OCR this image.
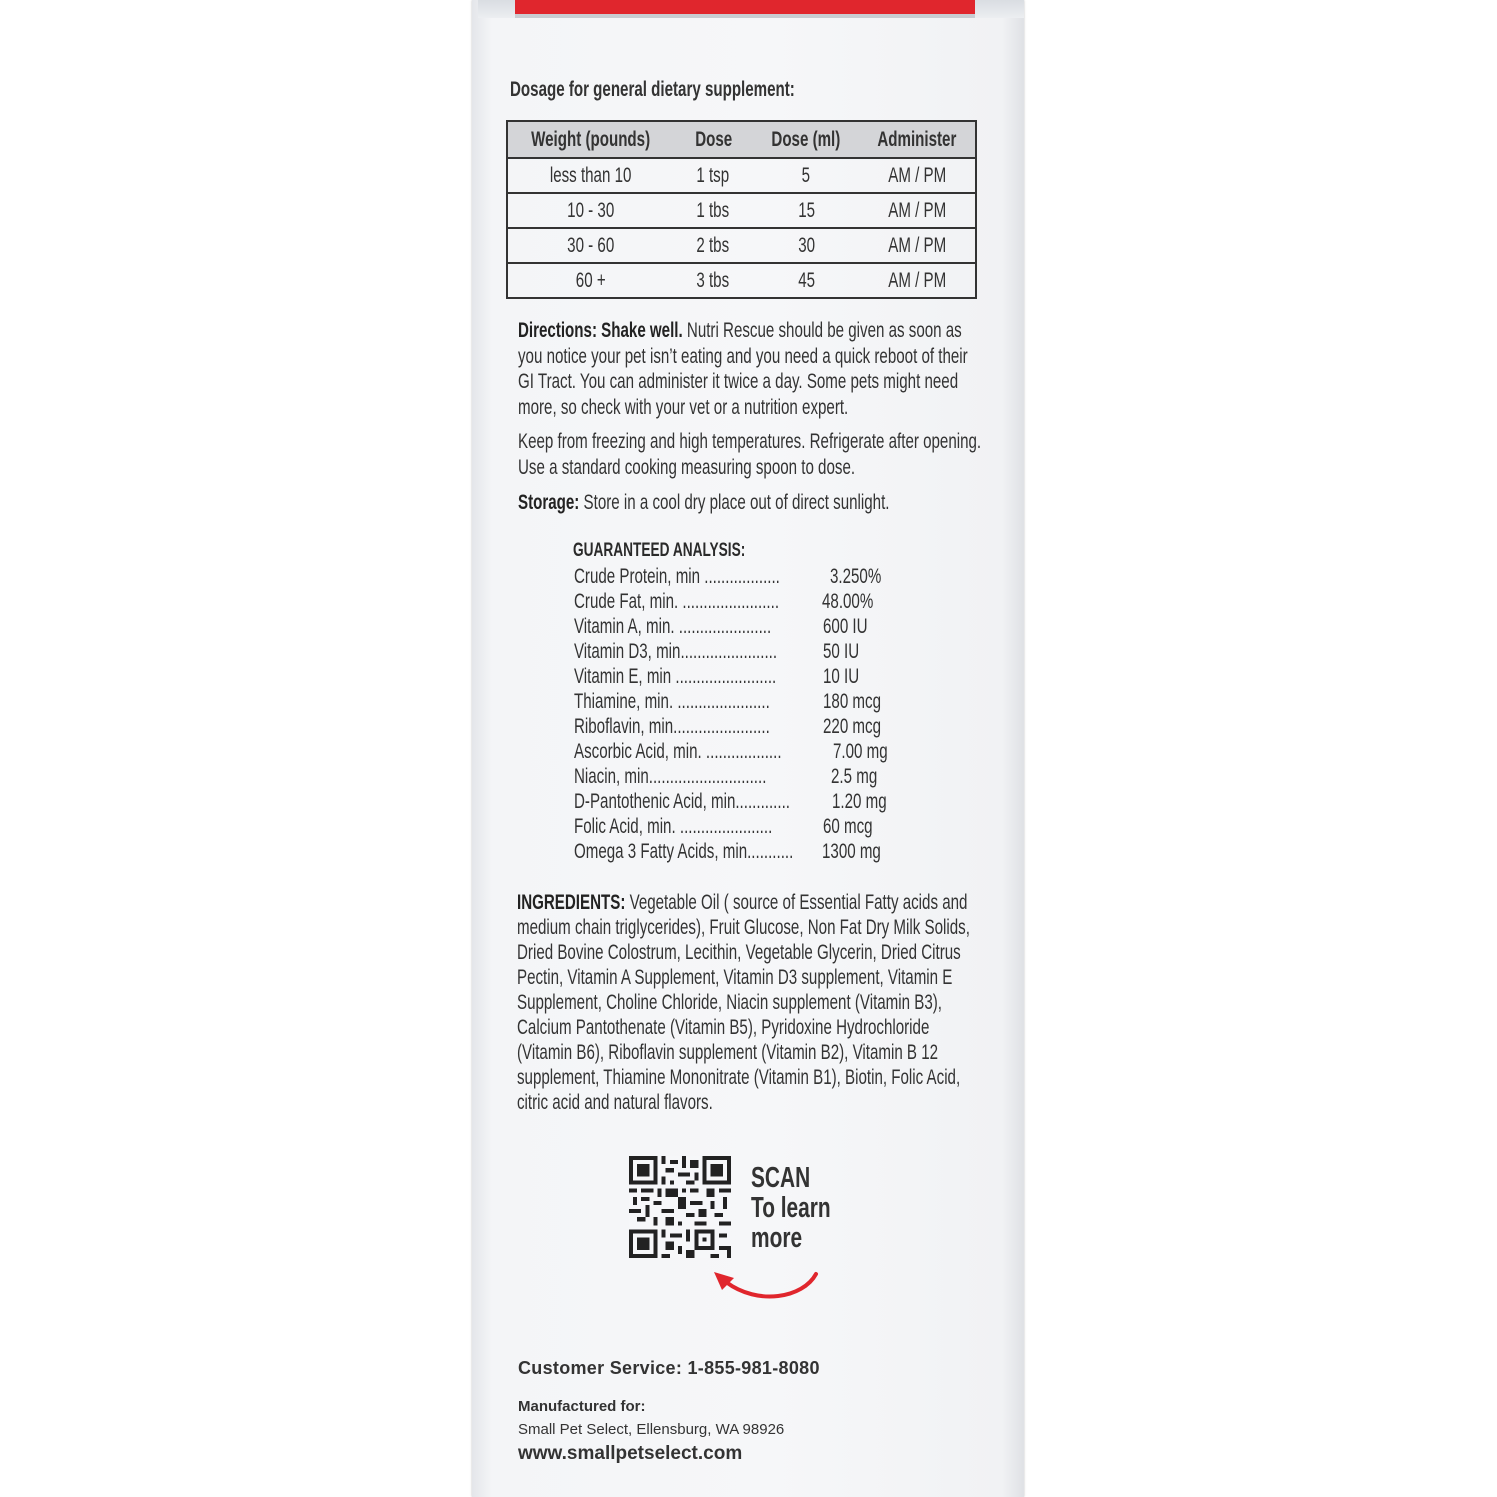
Dosage for general dietary supplement:
Weight (pounds)	Dose	Dose (ml)	Administer
less than 10	1 tsp	5	AM / PM
10 - 30	1 tbs	15	AM / PM
30 - 60	2 tbs	30	AM / PM
60 +	3 tbs	45	AM / PM
Directions: Shake well. Nutri Rescue should be given as soon as
you notice your pet isn’t eating and you need a quick reboot of their
GI Tract. You can administer it twice a day. Some pets might need
more, so check with your vet or a nutrition expert.
Keep from freezing and high temperatures. Refrigerate after opening.
Use a standard cooking measuring spoon to dose.
Storage: Store in a cool dry place out of direct sunlight.
GUARANTEED ANALYSIS:
Crude Protein, min .................. 3.250%
Crude Fat, min. ....................... 48.00%
Vitamin A, min. ...................... 600 IU
Vitamin D3, min....................... 50 IU
Vitamin E, min ........................ 10 IU
Thiamine, min. ......................	180 mcg
Riboflavin, min.......................	220 mcg
Ascorbic Acid, min. .................. 7.00 mg
Niacin, min............................	2.5 mg
D-Pantothenic Acid, min............. 1.20 mg
Folic Acid, min. ...................... 60 mcg
Omega 3 Fatty Acids, min........... 1300 mg
INGREDIENTS: Vegetable Oil ( source of Essential Fatty acids and
medium chain triglycerides), Fruit Glucose, Non Fat Dry Milk Solids,
Dried Bovine Colostrum, Lecithin, Vegetable Glycerin, Dried Citrus
Pectin, Vitamin A Supplement, Vitamin D3 supplement, Vitamin E
Supplement, Choline Chloride, Niacin supplement (Vitamin B3),
Calcium Pantothenate (Vitamin B5), Pyridoxine Hydrochloride
(Vitamin B6), Riboflavin supplement (Vitamin B2), Vitamin B 12
supplement, Thiamine Mononitrate (Vitamin B1), Biotin, Folic Acid,
citric acid and natural flavors.
SCAN
To learn
more
Customer Service: 1-855-981-8080
Manufactured for:
Small Pet Select, Ellensburg, WA 98926
www.smallpetselect.com
